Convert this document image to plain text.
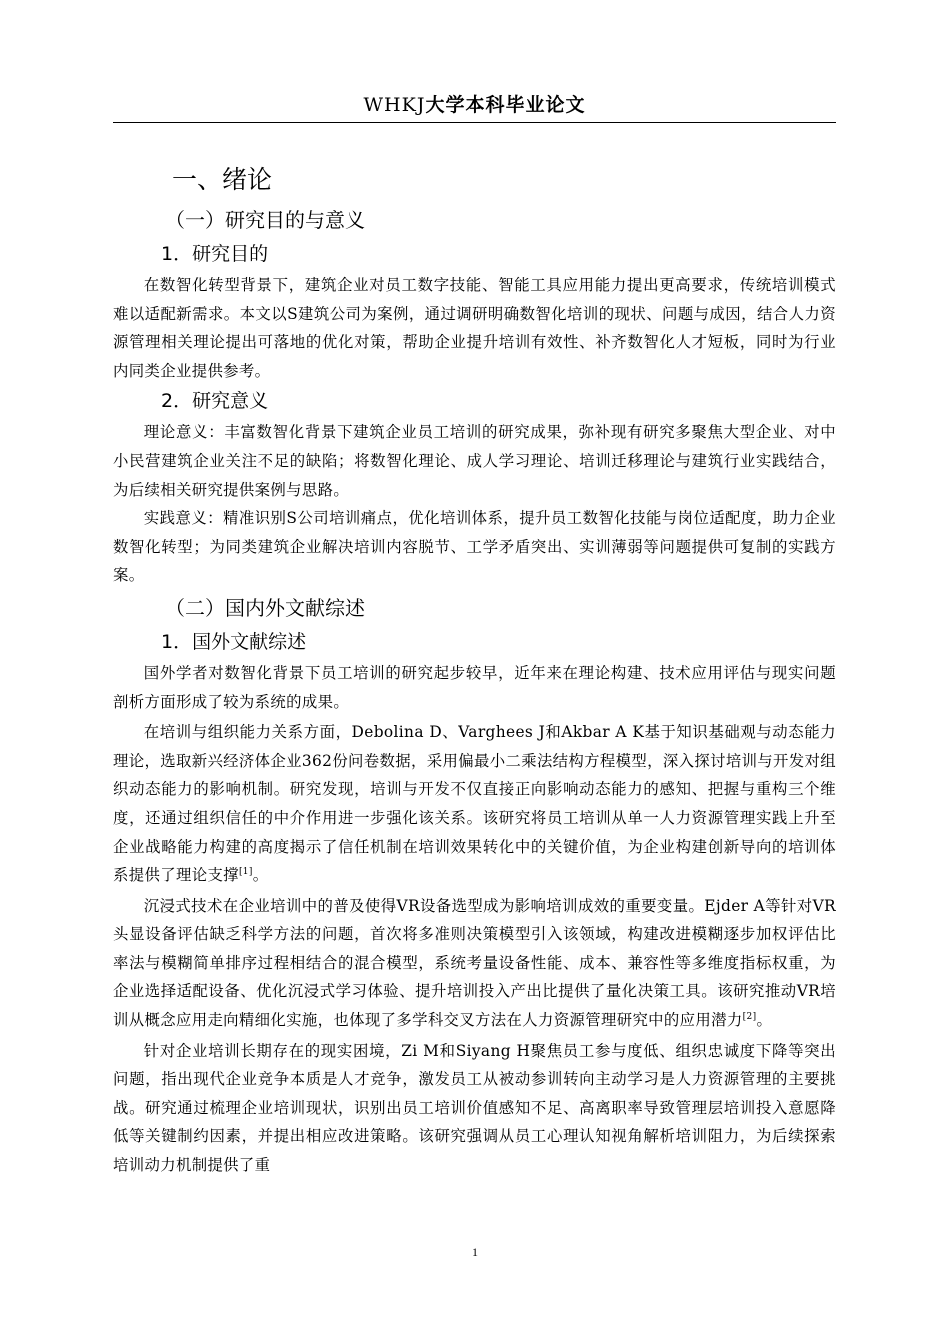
WHKJ大学本科毕业论文
一、绪论
（一）研究目的与意义
1．研究目的

在数智化转型背景下，建筑企业对员工数字技能、智能工具应用能力提出更高要求，传统培训模式难以适配新需求。本文以S建筑公司为案例，通过调研明确数智化培训的现状、问题与成因，结合人力资源管理相关理论提出可落地的优化对策，帮助企业提升培训有效性、补齐数智化人才短板，同时为行业内同类企业提供参考。

2．研究意义

理论意义：丰富数智化背景下建筑企业员工培训的研究成果，弥补现有研究多聚焦大型企业、对中小民营建筑企业关注不足的缺陷；将数智化理论、成人学习理论、培训迁移理论与建筑行业实践结合，为后续相关研究提供案例与思路。

实践意义：精准识别S公司培训痛点，优化培训体系，提升员工数智化技能与岗位适配度，助力企业数智化转型；为同类建筑企业解决培训内容脱节、工学矛盾突出、实训薄弱等问题提供可复制的实践方案。

（二）国内外文献综述
1．国外文献综述

国外学者对数智化背景下员工培训的研究起步较早，近年来在理论构建、技术应用评估与现实问题剖析方面形成了较为系统的成果。

在培训与组织能力关系方面，Debolina D、Varghees J和Akbar A K基于知识基础观与动态能力理论，选取新兴经济体企业362份问卷数据，采用偏最小二乘法结构方程模型，深入探讨培训与开发对组织动态能力的影响机制。研究发现，培训与开发不仅直接正向影响动态能力的感知、把握与重构三个维度，还通过组织信任的中介作用进一步强化该关系。该研究将员工培训从单一人力资源管理实践上升至企业战略能力构建的高度揭示了信任机制在培训效果转化中的关键价值，为企业构建创新导向的培训体系提供了理论支撑[1]。

沉浸式技术在企业培训中的普及使得VR设备选型成为影响培训成效的重要变量。Ejder A等针对VR头显设备评估缺乏科学方法的问题，首次将多准则决策模型引入该领域，构建改进模糊逐步加权评估比率法与模糊简单排序过程相结合的混合模型，系统考量设备性能、成本、兼容性等多维度指标权重，为企业选择适配设备、优化沉浸式学习体验、提升培训投入产出比提供了量化决策工具。该研究推动VR培训从概念应用走向精细化实施，也体现了多学科交叉方法在人力资源管理研究中的应用潜力[2]。

针对企业培训长期存在的现实困境，Zi M和Siyang H聚焦员工参与度低、组织忠诚度下降等突出问题，指出现代企业竞争本质是人才竞争，激发员工从被动参训转向主动学习是人力资源管理的主要挑战。研究通过梳理企业培训现状，识别出员工培训价值感知不足、高离职率导致管理层培训投入意愿降低等关键制约因素，并提出相应改进策略。该研究强调从员工心理认知视角解析培训阻力，为后续探索培训动力机制提供了重

1
